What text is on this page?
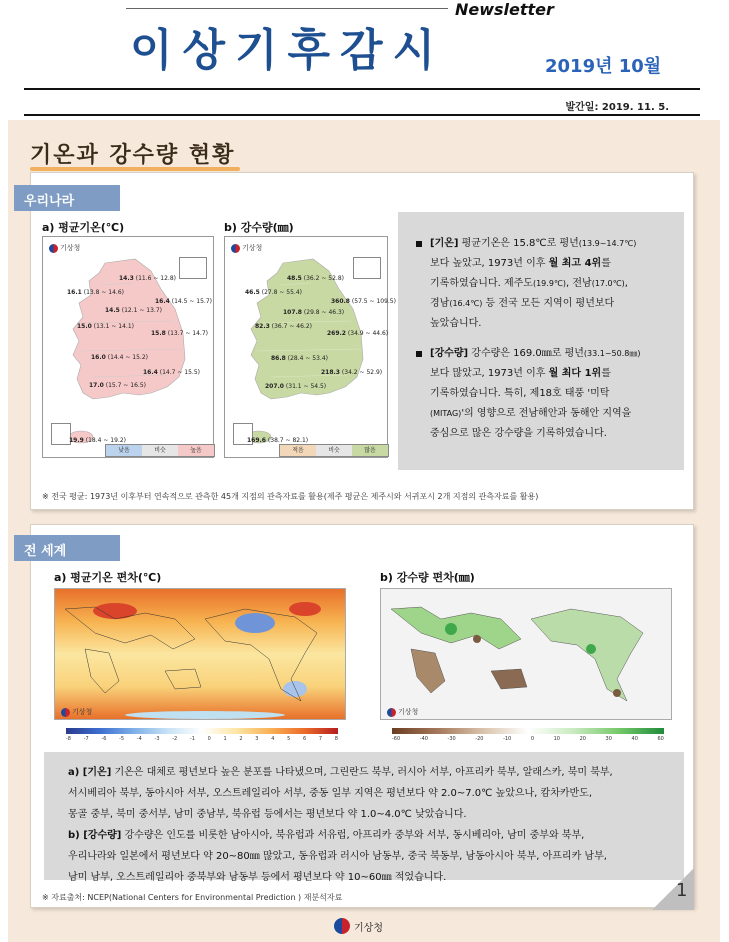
이상기후감시
Newsletter
2019년 10월
발간일: 2019. 11. 5.
기온과 강수량 현황
우리나라
a) 평균기온(℃)	b) 강수량(㎜)
기상청
14.3 (11.6 ~ 12.8)
16.1 (13.8 ~ 14.6)
16.4 (14.5 ~ 15.7)
14.5 (12.1 ~ 13.7)
15.0 (13.1 ~ 14.1)
15.8 (13.7 ~ 14.7)
16.0 (14.4 ~ 15.2)
16.4 (14.7 ~ 15.5)
17.0 (15.7 ~ 16.5)
19.9 (18.4 ~ 19.2)
낮음	비슷	높음
기상청
48.5 (36.2 ~ 52.8)
46.5 (27.8 ~ 55.4)
360.8 (57.5 ~ 109.5)
107.8 (29.8 ~ 46.3)
82.3 (36.7 ~ 46.2)
269.2 (34.9 ~ 44.6)
86.8 (28.4 ~ 53.4)
218.3 (34.2 ~ 52.9)
207.0 (31.1 ~ 54.5)
169.6 (38.7 ~ 82.1)
적음	비슷	많음
[기온] 평균기온은 15.8℃로 평년(13.9~14.7℃)
보다 높았고, 1973년 이후 월 최고 4위를
기록하였습니다. 제주도(19.9℃), 전남(17.0℃),
경남(16.4℃) 등 전국 모든 지역이 평년보다
높았습니다.
[강수량] 강수량은 169.0㎜로 평년(33.1~50.8㎜)
보다 많았고, 1973년 이후 월 최다 1위를
기록하였습니다. 특히, 제18호 태풍 '미탁
(MITAG)'의 영향으로 전남해안과 동해안 지역을
중심으로 많은 강수량을 기록하였습니다.
※ 전국 평균: 1973년 이후부터 연속적으로 관측한 45개 지점의 관측자료를 활용(제주 평균은 제주시와 서귀포시 2개 지점의 관측자료를 활용)
전 세계
a) 평균기온 편차(℃)	b) 강수량 편차(㎜)
기상청
-8	-7	-6	-5	-4	-3	-2	-1	0	1	2	3	4	5	6	7	8
기상청
-60	-40	-30	-20	-10	0	10	20	30	40	60
a) [기온] 기온은 대체로 평년보다 높은 분포를 나타냈으며, 그린란드 북부, 러시아 서부, 아프리카 북부, 알래스카, 북미 북부,
서시베리아 북부, 동아시아 서부, 오스트레일리아 서부, 중동 일부 지역은 평년보다 약 2.0~7.0℃ 높았으나, 캄차카반도,
몽골 중부, 북미 중서부, 남미 중남부, 북유럽 등에서는 평년보다 약 1.0~4.0℃ 낮았습니다.
b) [강수량] 강수량은 인도를 비롯한 남아시아, 북유럽과 서유럽, 아프리카 중부와 서부, 동시베리아, 남미 중부와 북부,
우리나라와 일본에서 평년보다 약 20~80㎜ 많았고, 동유럽과 러시아 남동부, 중국 북동부, 남동아시아 북부, 아프리카 남부,
남미 남부, 오스트레일리아 중북부와 남동부 등에서 평년보다 약 10~60㎜ 적었습니다.
※ 자료출처: NCEP(National Centers for Environmental Prediction ) 재분석자료	1
기상청
